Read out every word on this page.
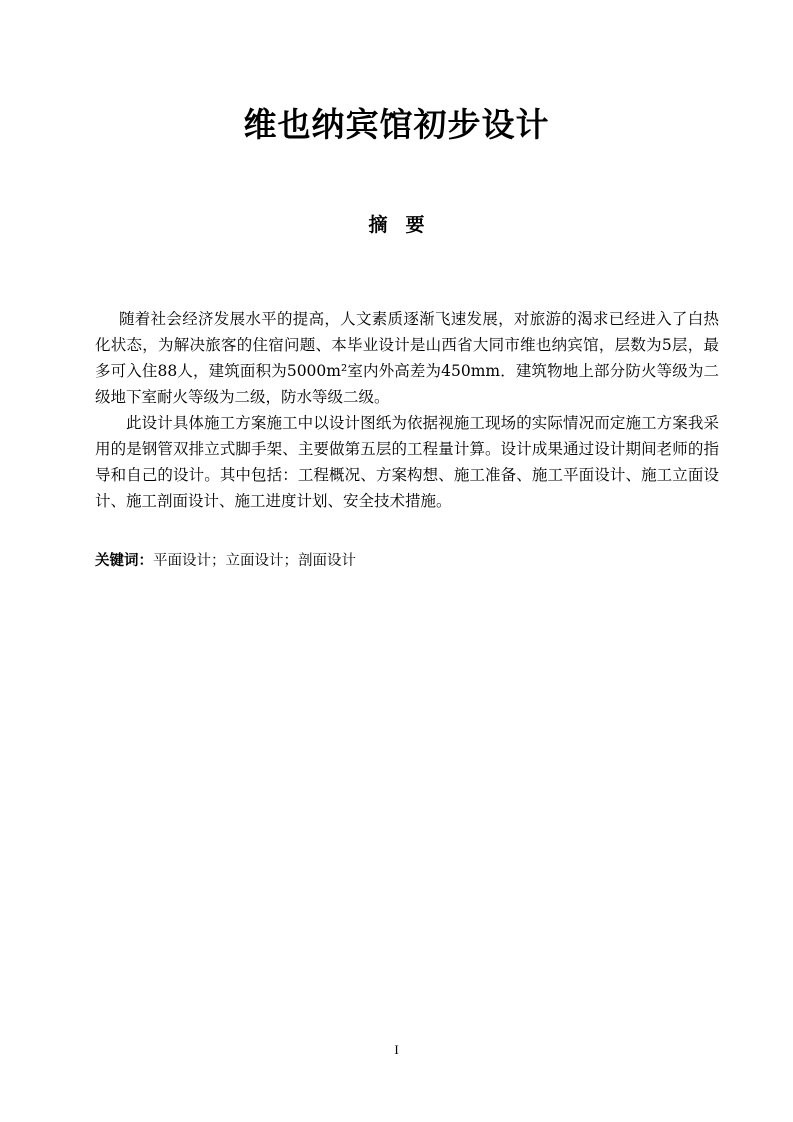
维也纳宾馆初步设计
摘要

随着社会经济发展水平的提高，人文素质逐渐飞速发展，对旅游的渴求已经进入了白热化状态，为解决旅客的住宿问题、本毕业设计是山西省大同市维也纳宾馆，层数为5层，最多可入住88人，建筑面积为5000m²室内外高差为450mm．建筑物地上部分防火等级为二级地下室耐火等级为二级，防水等级二级。

此设计具体施工方案施工中以设计图纸为依据视施工现场的实际情况而定施工方案我采用的是钢管双排立式脚手架、主要做第五层的工程量计算。设计成果通过设计期间老师的指导和自己的设计。其中包括：工程概况、方案构想、施工准备、施工平面设计、施工立面设计、施工剖面设计、施工进度计划、安全技术措施。

关键词：平面设计；立面设计；剖面设计

I
